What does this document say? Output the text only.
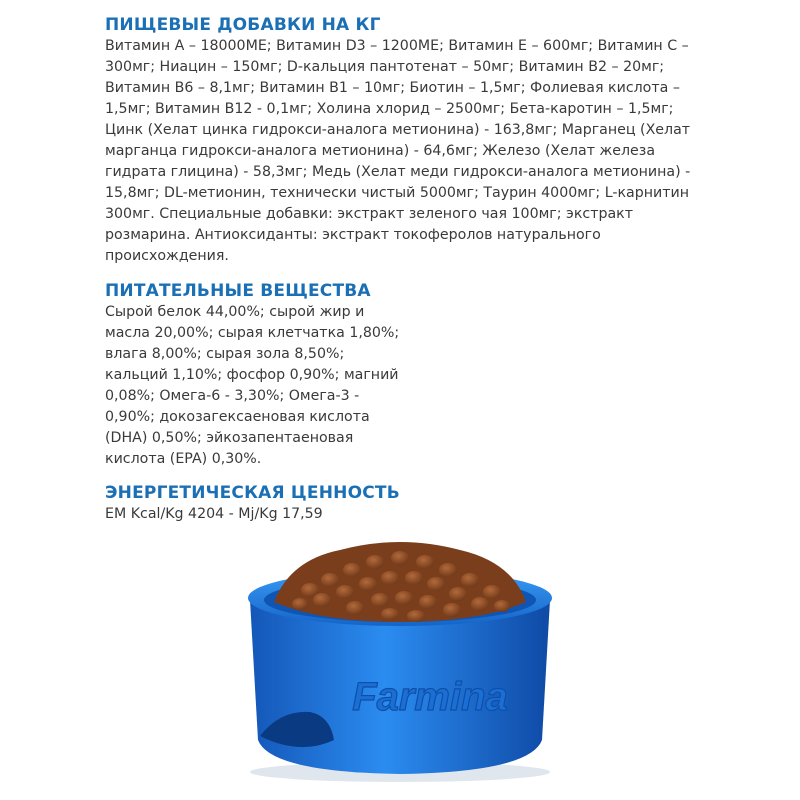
ПИЩЕВЫЕ ДОБАВКИ НА КГ

Витамин А – 18000МЕ; Витамин D3 – 1200МЕ; Витамин Е – 600мг; Витамин С – 300мг; Ниацин – 150мг; D-кальция пантотенат – 50мг; Витамин В2 – 20мг; Витамин В6 – 8,1мг; Витамин В1 – 10мг; Биотин – 1,5мг; Фолиевая кислота – 1,5мг; Витамин В12 - 0,1мг; Холина хлорид – 2500мг; Бета-каротин – 1,5мг; Цинк (Хелат цинка гидрокси-аналога метионина) - 163,8мг; Марганец (Хелат марганца гидрокси-аналога метионина) - 64,6мг; Железо (Хелат железа гидрата глицина) - 58,3мг; Медь (Хелат меди гидрокси-аналога метионина) - 15,8мг; DL-метионин, технически чистый 5000мг; Таурин 4000мг; L-карнитин 300мг. Специальные добавки: экстракт зеленого чая 100мг; экстракт розмарина. Антиоксиданты: экстракт токоферолов натурального происхождения.

ПИТАТЕЛЬНЫЕ ВЕЩЕСТВА

Сырой белок 44,00%; сырой жир и масла 20,00%; сырая клетчатка 1,80%; влага 8,00%; сырая зола 8,50%; кальций 1,10%; фосфор 0,90%; магний 0,08%; Омега-6 - 3,30%; Омега-3 - 0,90%; докозагексаеновая кислота (DHA) 0,50%; эйкозапентаеновая кислота (EPA) 0,30%.

ЭНЕРГЕТИЧЕСКАЯ ЦЕННОСТЬ

EM Kcal/Kg 4204 - Mj/Kg 17,59

Farmina
